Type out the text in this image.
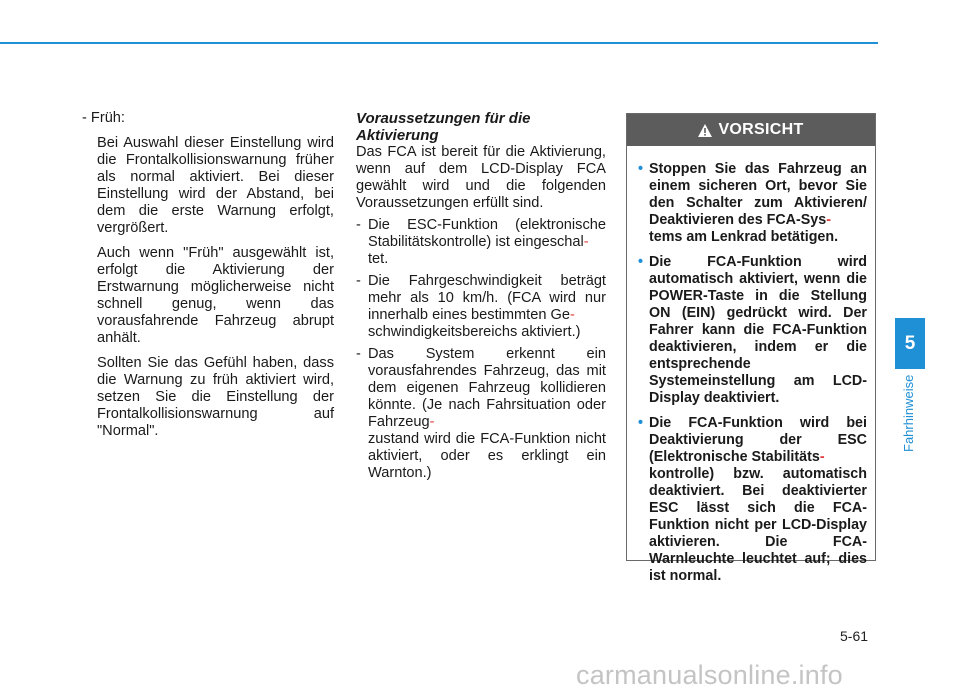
- Früh:

Bei Auswahl dieser Einstellung wird die Frontalkollisionswarnung früher als normal aktiviert. Bei dieser Einstellung wird der Abstand, bei dem die erste Warnung erfolgt, vergrößert.

Auch wenn "Früh" ausgewählt ist, erfolgt die Aktivierung der Erstwarnung möglicherweise nicht schnell genug, wenn das vorausfahrende Fahrzeug abrupt anhält.

Sollten Sie das Gefühl haben, dass die Warnung zu früh aktiviert wird, setzen Sie die Einstellung der Frontalkollisionswarnung auf "Normal".

Voraussetzungen für die Aktivierung

Das FCA ist bereit für die Aktivierung, wenn auf dem LCD-Display FCA gewählt wird und die folgenden Voraussetzungen erfüllt sind.

- Die ESC-Funktion (elektronische Stabilitätskontrolle) ist eingeschal-
tet.
- Die Fahrgeschwindigkeit beträgt mehr als 10 km/h. (FCA wird nur innerhalb eines bestimmten Ge-
schwindigkeitsbereichs aktiviert.)
- Das System erkennt ein vorausfahrendes Fahrzeug, das mit dem eigenen Fahrzeug kollidieren könnte. (Je nach Fahrsituation oder Fahrzeug-
zustand wird die FCA-Funktion nicht aktiviert, oder es erklingt ein Warnton.)
VORSICHT
• Stoppen Sie das Fahrzeug an einem sicheren Ort, bevor Sie den Schalter zum Aktivieren/ Deaktivieren des FCA-Sys-
tems am Lenkrad betätigen.
• Die FCA-Funktion wird automatisch aktiviert, wenn die POWER-Taste in die Stellung ON (EIN) gedrückt wird. Der Fahrer kann die FCA-Funktion deaktivieren, indem er die entsprechende Systemeinstellung am LCD-Display deaktiviert.
• Die FCA-Funktion wird bei Deaktivierung der ESC (Elektronische Stabilitäts-
kontrolle) bzw. automatisch deaktiviert. Bei deaktivierter ESC lässt sich die FCA-Funktion nicht per LCD-Display aktivieren. Die FCA-Warnleuchte leuchtet auf; dies ist normal.
5
Fahrhinweise
5-61
carmanualsonline.info
